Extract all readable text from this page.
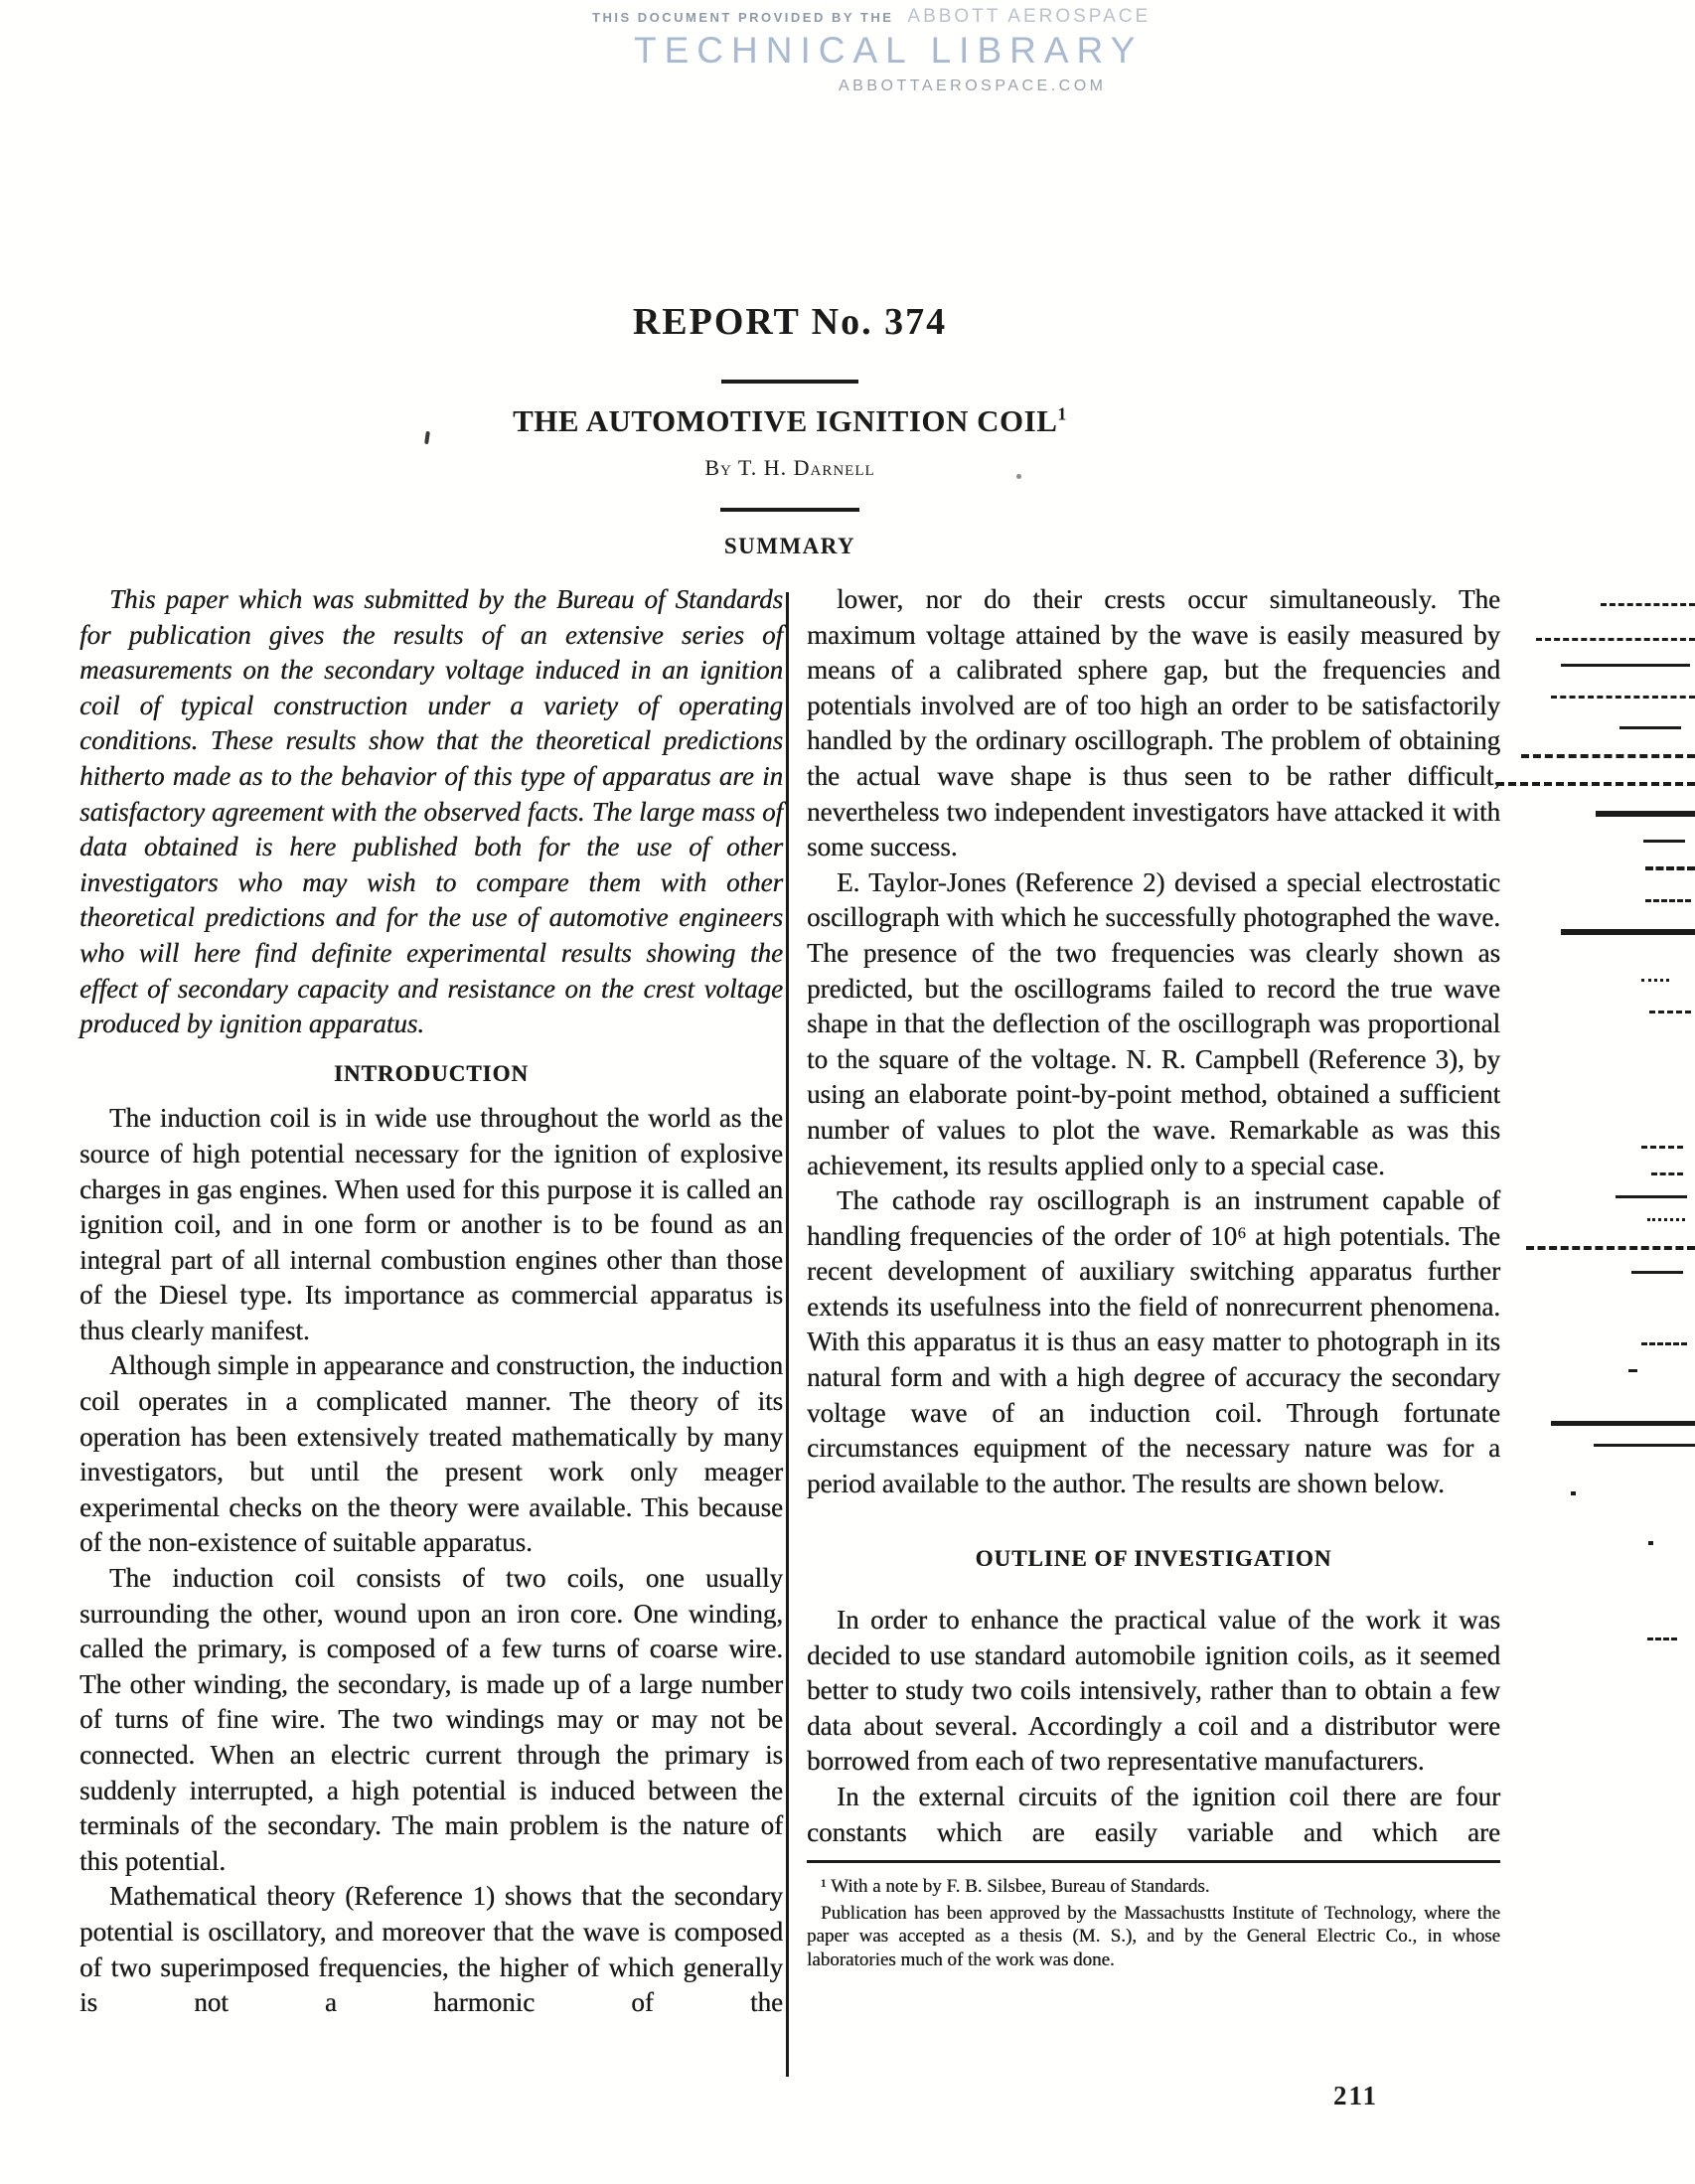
THIS DOCUMENT PROVIDED BY THE ABBOTT AEROSPACE
TECHNICAL LIBRARY
ABBOTTAEROSPACE.COM
REPORT No. 374
THE AUTOMOTIVE IGNITION COIL$^1$
By T. H. Darnell
SUMMARY

This paper which was submitted by the Bureau of Standards for publication gives the results of an extensive series of measurements on the secondary voltage induced in an ignition coil of typical construction under a variety of operating conditions. These results show that the theoretical predictions hitherto made as to the behavior of this type of apparatus are in satisfactory agreement with the observed facts. The large mass of data obtained is here published both for the use of other investigators who may wish to compare them with other theoretical predictions and for the use of automotive engineers who will here find definite experimental results showing the effect of secondary capacity and resistance on the crest voltage produced by ignition apparatus.

INTRODUCTION

The induction coil is in wide use throughout the world as the source of high potential necessary for the ignition of explosive charges in gas engines. When used for this purpose it is called an ignition coil, and in one form or another is to be found as an integral part of all internal combustion engines other than those of the Diesel type. Its importance as commercial apparatus is thus clearly manifest.

Although simple in appearance and construction, the induction coil operates in a complicated manner. The theory of its operation has been extensively treated mathematically by many investigators, but until the present work only meager experimental checks on the theory were available. This because of the non-existence of suitable apparatus.

The induction coil consists of two coils, one usually surrounding the other, wound upon an iron core. One winding, called the primary, is composed of a few turns of coarse wire. The other winding, the secondary, is made up of a large number of turns of fine wire. The two windings may or may not be connected. When an electric current through the primary is suddenly interrupted, a high potential is induced between the terminals of the secondary. The main problem is the nature of this potential.

Mathematical theory (Reference 1) shows that the secondary potential is oscillatory, and moreover that the wave is composed of two superimposed frequencies, the higher of which generally is not a harmonic of the

lower, nor do their crests occur simultaneously. The maximum voltage attained by the wave is easily measured by means of a calibrated sphere gap, but the frequencies and potentials involved are of too high an order to be satisfactorily handled by the ordinary oscillograph. The problem of obtaining the actual wave shape is thus seen to be rather difficult, nevertheless two independent investigators have attacked it with some success.

E. Taylor-Jones (Reference 2) devised a special electrostatic oscillograph with which he successfully photographed the wave. The presence of the two frequencies was clearly shown as predicted, but the oscillograms failed to record the true wave shape in that the deflection of the oscillograph was proportional to the square of the voltage. N. R. Campbell (Reference 3), by using an elaborate point-by-point method, obtained a sufficient number of values to plot the wave. Remarkable as was this achievement, its results applied only to a special case.

The cathode ray oscillograph is an instrument capable of handling frequencies of the order of 10⁶ at high potentials. The recent development of auxiliary switching apparatus further extends its usefulness into the field of nonrecurrent phenomena. With this apparatus it is thus an easy matter to photograph in its natural form and with a high degree of accuracy the secondary voltage wave of an induction coil. Through fortunate circumstances equipment of the necessary nature was for a period available to the author. The results are shown below.

OUTLINE OF INVESTIGATION

In order to enhance the practical value of the work it was decided to use standard automobile ignition coils, as it seemed better to study two coils intensively, rather than to obtain a few data about several. Accordingly a coil and a distributor were borrowed from each of two representative manufacturers.

In the external circuits of the ignition coil there are four constants which are easily variable and which are

¹ With a note by F. B. Silsbee, Bureau of Standards.

Publication has been approved by the Massachustts Institute of Technology, where the paper was accepted as a thesis (M. S.), and by the General Electric Co., in whose laboratories much of the work was done.

211
